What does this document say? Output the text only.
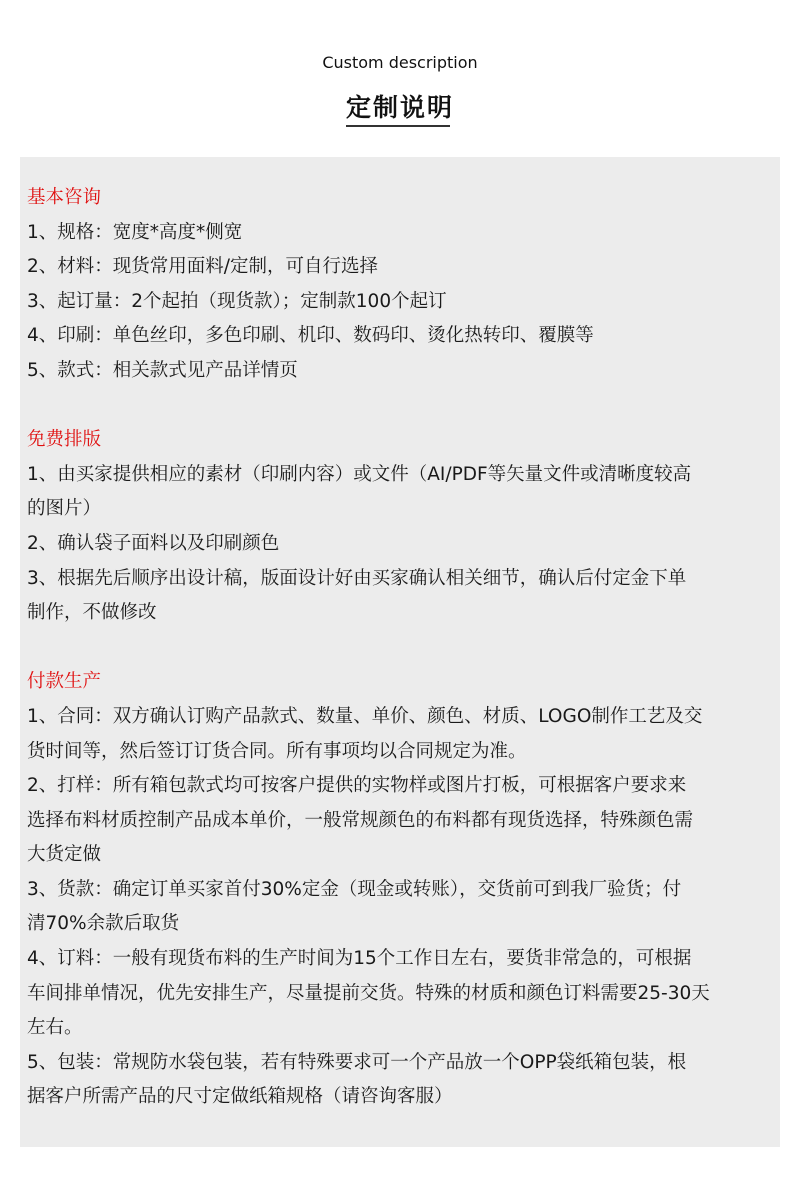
Custom description
定制说明
基本咨询
1、规格：宽度*高度*侧宽
2、材料：现货常用面料/定制，可自行选择
3、起订量：2个起拍（现货款）；定制款100个起订
4、印刷：单色丝印，多色印刷、机印、数码印、烫化热转印、覆膜等
5、款式：相关款式见产品详情页
免费排版
1、由买家提供相应的素材（印刷内容）或文件（AI/PDF等矢量文件或清晰度较高
的图片）
2、确认袋子面料以及印刷颜色
3、根据先后顺序出设计稿，版面设计好由买家确认相关细节，确认后付定金下单
制作，不做修改
付款生产
1、合同：双方确认订购产品款式、数量、单价、颜色、材质、LOGO制作工艺及交
货时间等，然后签订订货合同。所有事项均以合同规定为准。
2、打样：所有箱包款式均可按客户提供的实物样或图片打板，可根据客户要求来
选择布料材质控制产品成本单价，一般常规颜色的布料都有现货选择，特殊颜色需
大货定做
3、货款：确定订单买家首付30%定金（现金或转账），交货前可到我厂验货；付
清70%余款后取货
4、订料：一般有现货布料的生产时间为15个工作日左右，要货非常急的，可根据
车间排单情况，优先安排生产，尽量提前交货。特殊的材质和颜色订料需要25-30天
左右。
5、包装：常规防水袋包装，若有特殊要求可一个产品放一个OPP袋纸箱包装，根
据客户所需产品的尺寸定做纸箱规格（请咨询客服）
